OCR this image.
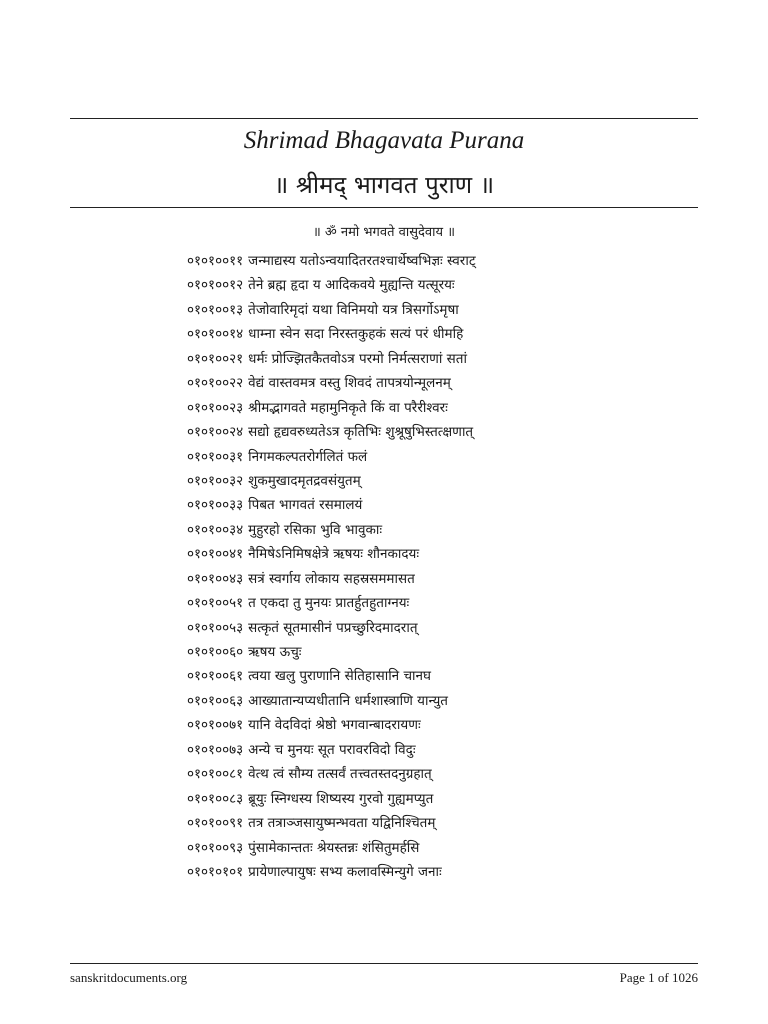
Shrimad Bhagavata Purana
॥ श्रीमद् भागवत पुराण ॥
॥ ॐ नमो भगवते वासुदेवाय ॥
०१०१००११ जन्माद्यस्य यतोऽन्वयादितरतश्चार्थेष्वभिज्ञः स्वराट्
०१०१००१२ तेने ब्रह्म हृदा य आदिकवये मुह्यन्ति यत्सूरयः
०१०१००१३ तेजोवारिमृदां यथा विनिमयो यत्र त्रिसर्गोऽमृषा
०१०१००१४ धाम्ना स्वेन सदा निरस्तकुहकं सत्यं परं धीमहि
०१०१००२१ धर्मः प्रोज्झितकैतवोऽत्र परमो निर्मत्सराणां सतां
०१०१००२२ वेद्यं वास्तवमत्र वस्तु शिवदं तापत्रयोन्मूलनम्
०१०१००२३ श्रीमद्भागवते महामुनिकृते किं वा परैरीश्वरः
०१०१००२४ सद्यो हृद्यवरुध्यतेऽत्र कृतिभिः शुश्रूषुभिस्तत्क्षणात्
०१०१००३१ निगमकल्पतरोर्गलितं फलं
०१०१००३२ शुकमुखादमृतद्रवसंयुतम्
०१०१००३३ पिबत भागवतं रसमालयं
०१०१००३४ मुहुरहो रसिका भुवि भावुकाः
०१०१००४१ नैमिषेऽनिमिषक्षेत्रे ऋषयः शौनकादयः
०१०१००४३ सत्रं स्वर्गाय लोकाय सहस्रसममासत
०१०१००५१ त एकदा तु मुनयः प्रातर्हुतहुताग्नयः
०१०१००५३ सत्कृतं सूतमासीनं पप्रच्छुरिदमादरात्
०१०१००६० ऋषय ऊचुः
०१०१००६१ त्वया खलु पुराणानि सेतिहासानि चानघ
०१०१००६३ आख्यातान्यप्यधीतानि धर्मशास्त्राणि यान्युत
०१०१००७१ यानि वेदविदां श्रेष्ठो भगवान्बादरायणः
०१०१००७३ अन्ये च मुनयः सूत परावरविदो विदुः
०१०१००८१ वेत्थ त्वं सौम्य तत्सर्वं तत्त्वतस्तदनुग्रहात्
०१०१००८३ ब्रूयुः स्निग्धस्य शिष्यस्य गुरवो गुह्यमप्युत
०१०१००९१ तत्र तत्राञ्जसायुष्मन्भवता यद्विनिश्चितम्
०१०१००९३ पुंसामेकान्ततः श्रेयस्तन्नः शंसितुमर्हसि
०१०१०१०१ प्रायेणाल्पायुषः सभ्य कलावस्मिन्युगे जनाः
sanskritdocuments.org	Page 1 of 1026
